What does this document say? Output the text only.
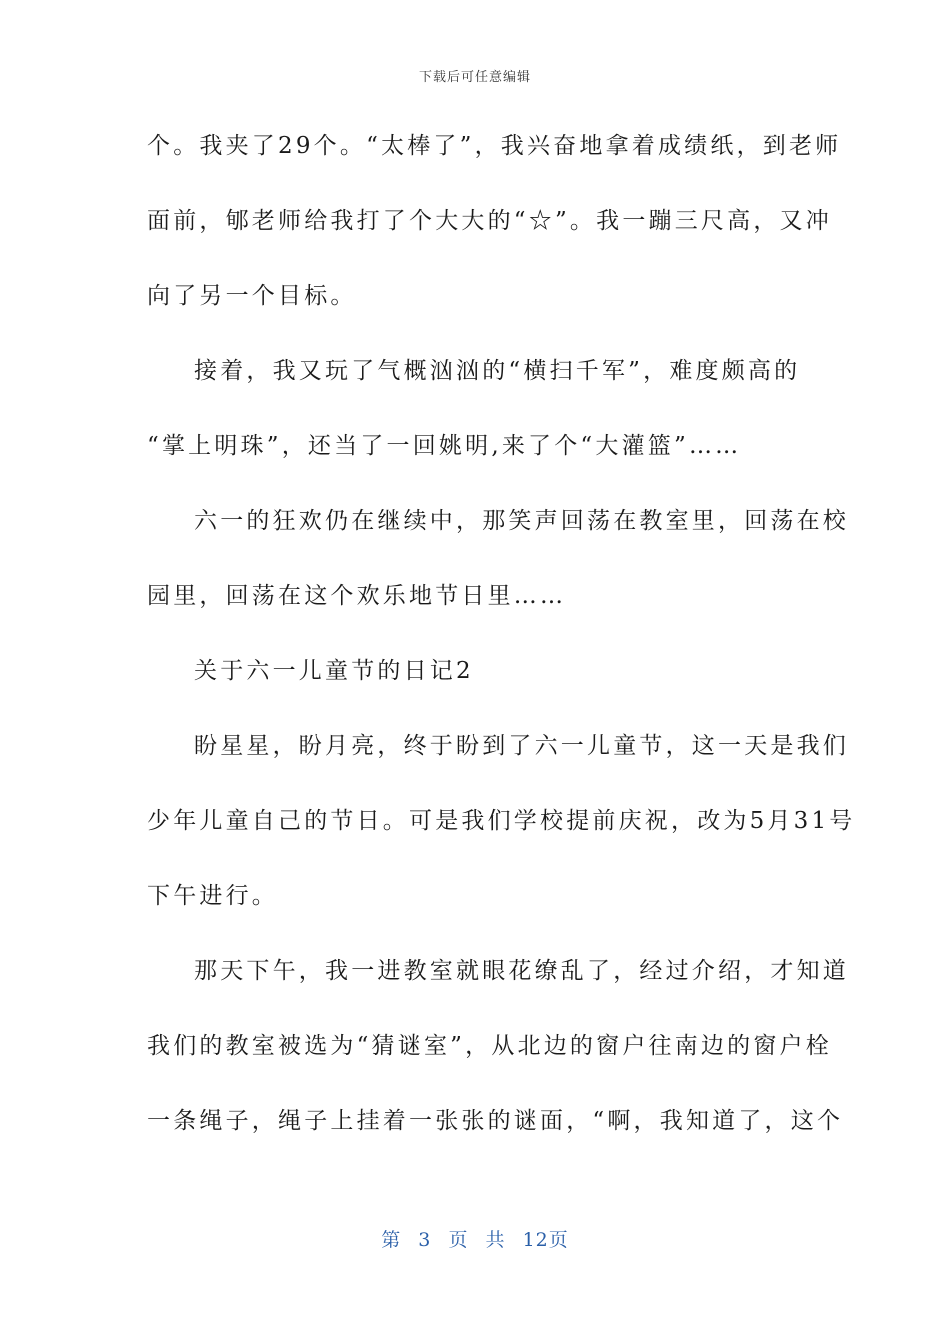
下载后可任意编辑
个。我夹了29个。“太棒了”，我兴奋地拿着成绩纸，到老师
面前，郇老师给我打了个大大的“☆”。我一蹦三尺高，又冲
向了另一个目标。
接着，我又玩了气概汹汹的“横扫千军”，难度颇高的
“掌上明珠”，还当了一回姚明,来了个“大灌篮”……
六一的狂欢仍在继续中，那笑声回荡在教室里，回荡在校
园里，回荡在这个欢乐地节日里……
关于六一儿童节的日记2
盼星星，盼月亮，终于盼到了六一儿童节，这一天是我们
少年儿童自己的节日。可是我们学校提前庆祝，改为5月31号
下午进行。
那天下午，我一进教室就眼花缭乱了，经过介绍，才知道
我们的教室被选为“猜谜室”，从北边的窗户往南边的窗户栓
一条绳子，绳子上挂着一张张的谜面，“啊，我知道了，这个
第 3 页 共 12页
